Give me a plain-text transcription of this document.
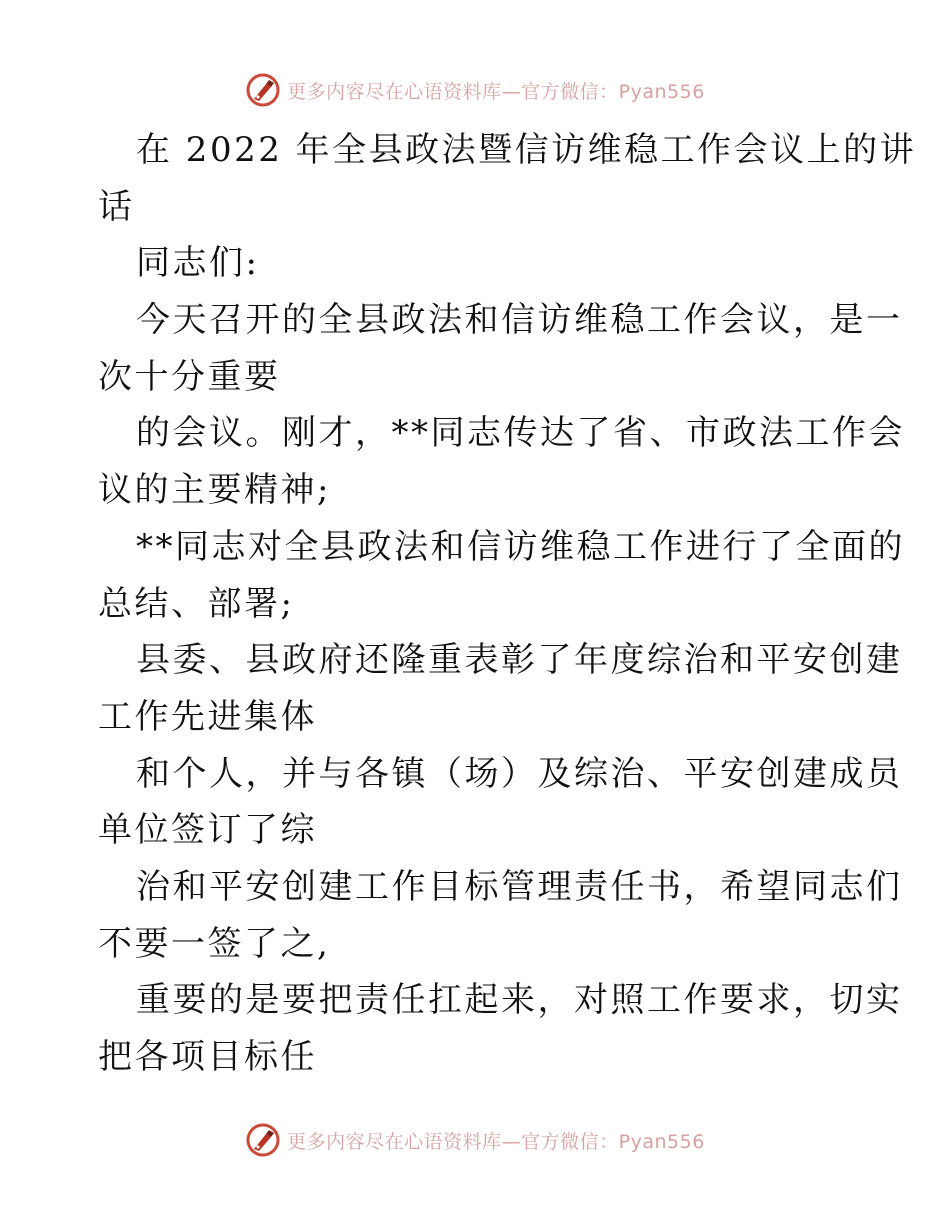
更多内容尽在心语资料库—官方微信：Pyan556
在 2022 年全县政法暨信访维稳工作会议上的讲
话
同志们:
今天召开的全县政法和信访维稳工作会议，是一
次十分重要
的会议。刚才，**同志传达了省、市政法工作会
议的主要精神;
**同志对全县政法和信访维稳工作进行了全面的
总结、部署;
县委、县政府还隆重表彰了年度综治和平安创建
工作先进集体
和个人，并与各镇（场）及综治、平安创建成员
单位签订了综
治和平安创建工作目标管理责任书，希望同志们
不要一签了之,
重要的是要把责任扛起来，对照工作要求，切实
把各项目标任
更多内容尽在心语资料库—官方微信：Pyan556
